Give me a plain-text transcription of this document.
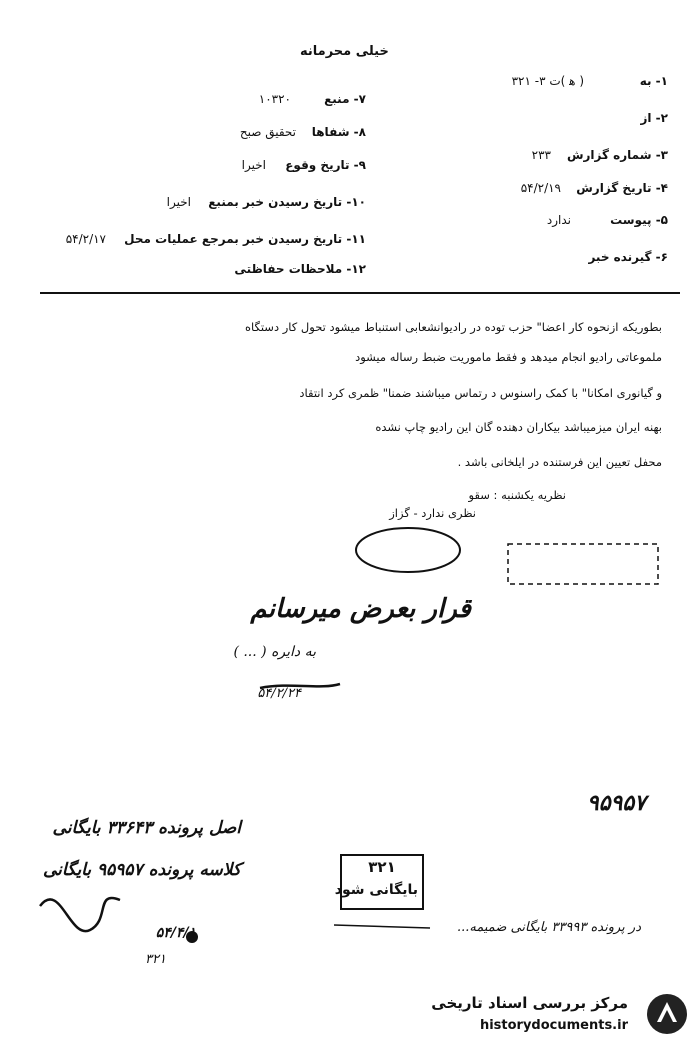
خیلی محرمانه
۱- به
( ه‍ )ت ۳- ۳۲۱
۲- از
۳- شماره گزارش
۲۳۳
۴- تاریخ گزارش
۵۴/۲/۱۹
۵- پیوست
ندارد
۶- گیرنده خبر
۷- منبع
۱۰۳۲۰
۸- شفاها
تحقیق صبح
۹- تاریخ وقوع
اخیرا
۱۰- تاریخ رسیدن خبر بمنبع
اخیرا
۱۱- تاریخ رسیدن خبر بمرجع عملیات محل
۵۴/۲/۱۷
۱۲- ملاحظات حفاظتی
بطوریکه ازنحوه کار اعضا" حزب توده در رادیوانشعابی استنباط میشود تحول کار دستگاه
ملموعاتی رادیو انجام میدهد و فقط ماموریت ضبط رساله میشود
و گیانوری امکانا" با کمک راسنوس د رتماس میباشند ضمنا" ظمری کرد انتقاد
بهنه ایران میزمیباشد بیکاران دهنده گان این رادیو چاپ نشده
محفل تعیین این فرستنده در ایلخانی باشد .
نظریه یکشنبه : سقو
نظری ندارد - گزاز
قرار بعرض میرسانم
به دایره ( ... )
۵۴/۲/۲۴
۹۵۹۵۷
اصل پرونده ۳۳۶۴۳ بایگانی
کلاسه پرونده ۹۵۹۵۷ بایگانی
در پرونده ۳۳۹۹۳ بایگانی ضمیمه...
۵۴/۴/۱
۳۲۱
۳۲۱
بایگانی شود
مرکز بررسی اسناد تاریخی
historydocuments.ir
